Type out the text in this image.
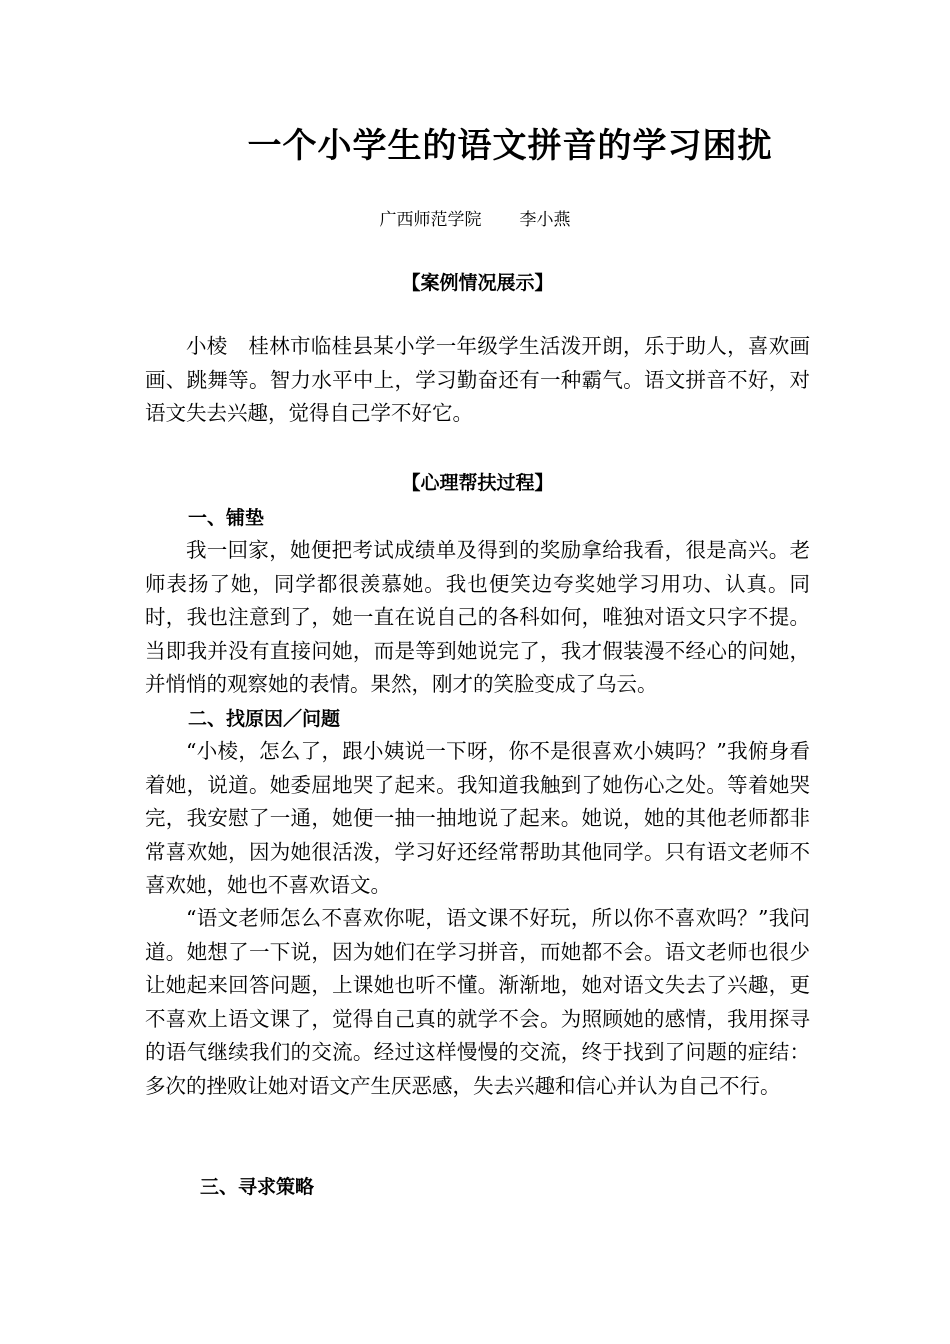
一个小学生的语文拼音的学习困扰
广西师范学院 李小燕
【案例情况展示】

小棱　桂林市临桂县某小学一年级学生活泼开朗，乐于助人，喜欢画画、跳舞等。智力水平中上，学习勤奋还有一种霸气。语文拼音不好，对语文失去兴趣，觉得自己学不好它。

【心理帮扶过程】
一、铺垫

我一回家，她便把考试成绩单及得到的奖励拿给我看，很是高兴。老师表扬了她，同学都很羡慕她。我也便笑边夸奖她学习用功、认真。同时，我也注意到了，她一直在说自己的各科如何，唯独对语文只字不提。当即我并没有直接问她，而是等到她说完了，我才假装漫不经心的问她，并悄悄的观察她的表情。果然，刚才的笑脸变成了乌云。

二、找原因／问题

“小棱，怎么了，跟小姨说一下呀，你不是很喜欢小姨吗？”我俯身看着她，说道。她委屈地哭了起来。我知道我触到了她伤心之处。等着她哭完，我安慰了一通，她便一抽一抽地说了起来。她说，她的其他老师都非常喜欢她，因为她很活泼，学习好还经常帮助其他同学。只有语文老师不喜欢她，她也不喜欢语文。

“语文老师怎么不喜欢你呢，语文课不好玩，所以你不喜欢吗？”我问道。她想了一下说，因为她们在学习拼音，而她都不会。语文老师也很少让她起来回答问题，上课她也听不懂。渐渐地，她对语文失去了兴趣，更不喜欢上语文课了，觉得自己真的就学不会。为照顾她的感情，我用探寻的语气继续我们的交流。经过这样慢慢的交流，终于找到了问题的症结：多次的挫败让她对语文产生厌恶感，失去兴趣和信心并认为自己不行。

三、寻求策略
